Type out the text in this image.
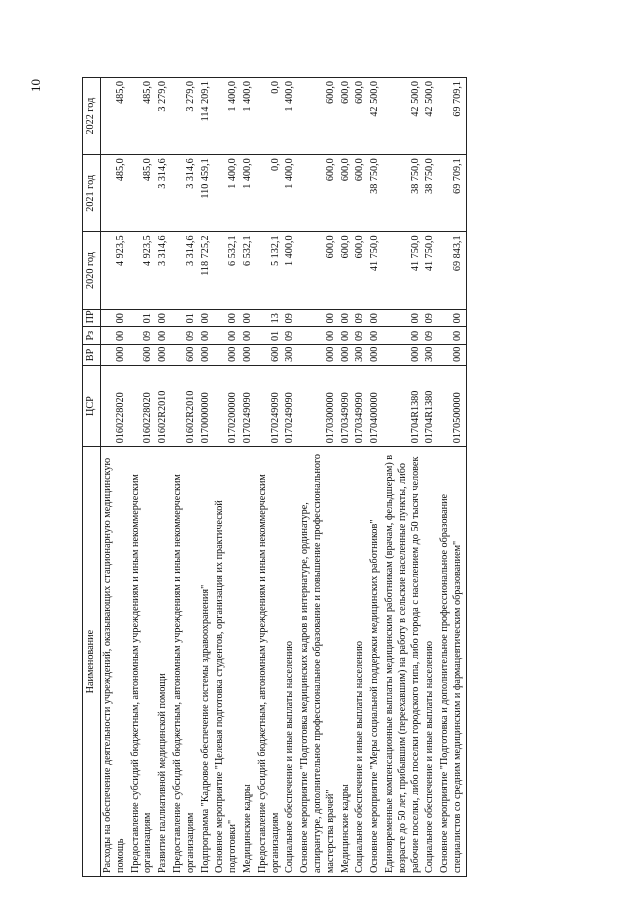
10
Наименование	ЦСР	ВР	Рз	ПР	2020 год	2021 год	2022 год
Расходы на обеспечение деятельности учреждений, оказывающих стационарную медицинскую помощь	0160228020	000	00	00	4 923,5	485,0	485,0
Предоставление субсидий бюджетным, автономным учреждениям и иным некоммерческим организациям	0160228020	600	09	01	4 923,5	485,0	485,0
Развитие паллиативной медицинской помощи	01602R2010	000	00	00	3 314,6	3 314,6	3 279,0
Предоставление субсидий бюджетным, автономным учреждениям и иным некоммерческим организациям	01602R2010	600	09	01	3 314,6	3 314,6	3 279,0
Подпрограмма "Кадровое обеспечение системы здравоохранения"	0170000000	000	00	00	118 725,2	110 459,1	114 209,1
Основное мероприятие "Целевая подготовка студентов, организация их практической подготовки"	0170200000	000	00	00	6 532,1	1 400,0	1 400,0
Медицинские кадры	0170249090	000	00	00	6 532,1	1 400,0	1 400,0
Предоставление субсидий бюджетным, автономным учреждениям и иным некоммерческим организациям	0170249090	600	01	13	5 132,1	0,0	0,0
Социальное обеспечение и иные выплаты населению	0170249090	300	09	09	1 400,0	1 400,0	1 400,0
Основное мероприятие "Подготовка медицинских кадров в интернатуре, ординатуре, аспирантуре, дополнительное профессиональное образование и повышение профессионального мастерства врачей"	0170300000	000	00	00	600,0	600,0	600,0
Медицинские кадры	0170349090	000	00	00	600,0	600,0	600,0
Социальное обеспечение и иные выплаты населению	0170349090	300	09	09	600,0	600,0	600,0
Основное мероприятие "Меры социальной поддержки медицинских работников"	0170400000	000	00	00	41 750,0	38 750,0	42 500,0
Единовременные компенсационные выплаты медицинским работникам (врачам, фельдшерам) в возрасте до 50 лет, прибывшим (переехавшим) на работу в сельские населенные пункты, либо рабочие поселки, либо поселки городского типа, либо города с населением до 50 тысяч человек	01704R1380	000	00	00	41 750,0	38 750,0	42 500,0
Социальное обеспечение и иные выплаты населению	01704R1380	300	09	09	41 750,0	38 750,0	42 500,0
Основное мероприятие "Подготовка и дополнительное профессиональное образование специалистов со средним медицинским и фармацевтическим образованием"	0170500000	000	00	00	69 843,1	69 709,1	69 709,1
